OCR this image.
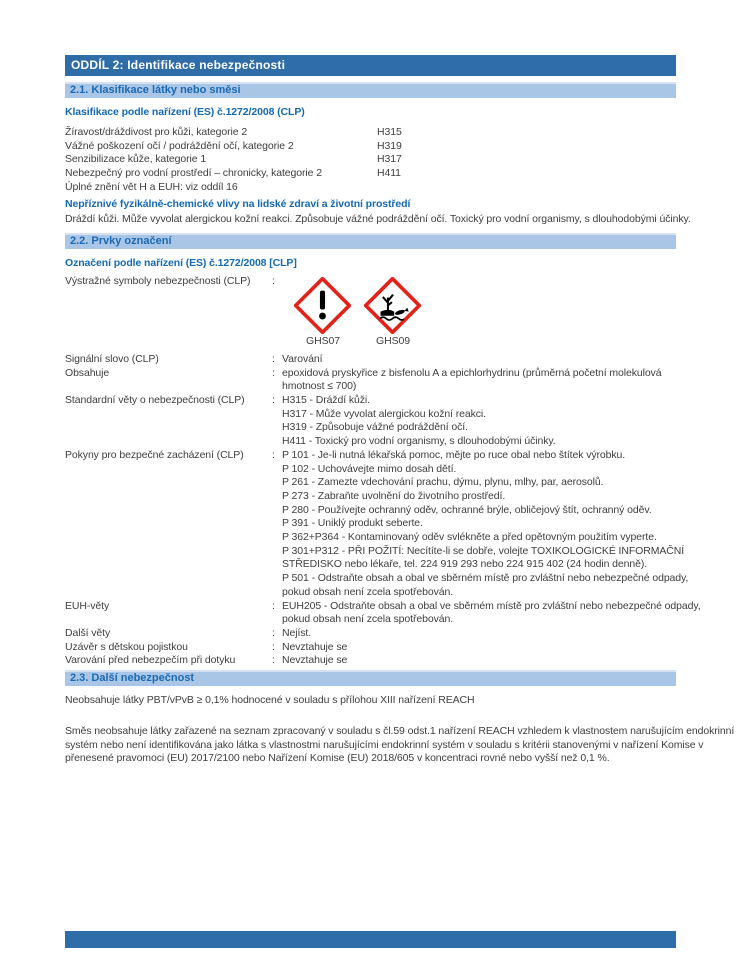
ODDÍL 2: Identifikace nebezpečnosti
2.1. Klasifikace látky nebo směsi
Klasifikace podle nařízení (ES) č.1272/2008 (CLP)
Žíravost/dráždivost pro kůži, kategorie 2	H315
Vážné poškození očí / podráždění očí, kategorie 2	H319
Senzibilizace kůže, kategorie 1	H317
Nebezpečný pro vodní prostředí – chronicky, kategorie 2	H411
Úplné znění vět H a EUH: viz oddíl 16
Nepříznivé fyzikálně-chemické vlivy na lidské zdraví a životní prostředí
Dráždí kůži. Může vyvolat alergickou kožní reakci. Způsobuje vážné podráždění očí. Toxický pro vodní organismy, s dlouhodobými účinky.
2.2. Prvky označení
Označení podle nařízení (ES) č.1272/2008 [CLP]
Výstražné symboly nebezpečnosti (CLP)	:
GHS07	GHS09
Signální slovo (CLP)	: Varování
Obsahuje	: epoxidová pryskyřice z bisfenolu A a epichlorhydrinu (průměrná početní molekulová
hmotnost ≤ 700)
Standardní věty o nebezpečnosti (CLP)	: H315 - Dráždí kůži.
H317 - Může vyvolat alergickou kožní reakci.
H319 - Způsobuje vážné podráždění očí.
H411 - Toxický pro vodní organismy, s dlouhodobými účinky.
Pokyny pro bezpečné zacházení (CLP)	: P 101 - Je-li nutná lékařská pomoc, mějte po ruce obal nebo štítek výrobku.
P 102 - Uchovávejte mimo dosah dětí.
P 261 - Zamezte vdechování prachu, dýmu, plynu, mlhy, par, aerosolů.
P 273 - Zabraňte uvolnění do životního prostředí.
P 280 - Používejte ochranný oděv, ochranné brýle, obličejový štít, ochranný oděv.
P 391 - Uniklý produkt seberte.
P 362+P364 - Kontaminovaný oděv svlékněte a před opětovným použitím vyperte.
P 301+P312 - PŘI POŽITÍ: Necítíte-li se dobře, volejte TOXIKOLOGICKÉ INFORMAČNÍ
STŘEDISKO nebo lékaře, tel. 224 919 293 nebo 224 915 402 (24 hodin denně).
P 501 - Odstraňte obsah a obal ve sběrném místě pro zvláštní nebo nebezpečné odpady,
pokud obsah není zcela spotřebován.
EUH-věty	: EUH205 - Odstraňte obsah a obal ve sběrném místě pro zvláštní nebo nebezpečné odpady,
pokud obsah není zcela spotřebován.
Další věty	: Nejíst.
Uzávěr s dětskou pojistkou	: Nevztahuje se
Varování před nebezpečím při dotyku	: Nevztahuje se
2.3. Další nebezpečnost
Neobsahuje látky PBT/vPvB ≥ 0,1% hodnocené v souladu s přílohou XIII nařízení REACH
Směs neobsahuje látky zařazené na seznam zpracovaný v souladu s čl.59 odst.1 nařízení REACH vzhledem k vlastnostem narušujícím endokrinní
systém nebo není identifikována jako látka s vlastnostmi narušujícími endokrinní systém v souladu s kritérii stanovenými v nařízení Komise v
přenesené pravomoci (EU) 2017/2100 nebo Nařízení Komise (EU) 2018/605 v koncentraci rovné nebo vyšší než 0,1 %.
